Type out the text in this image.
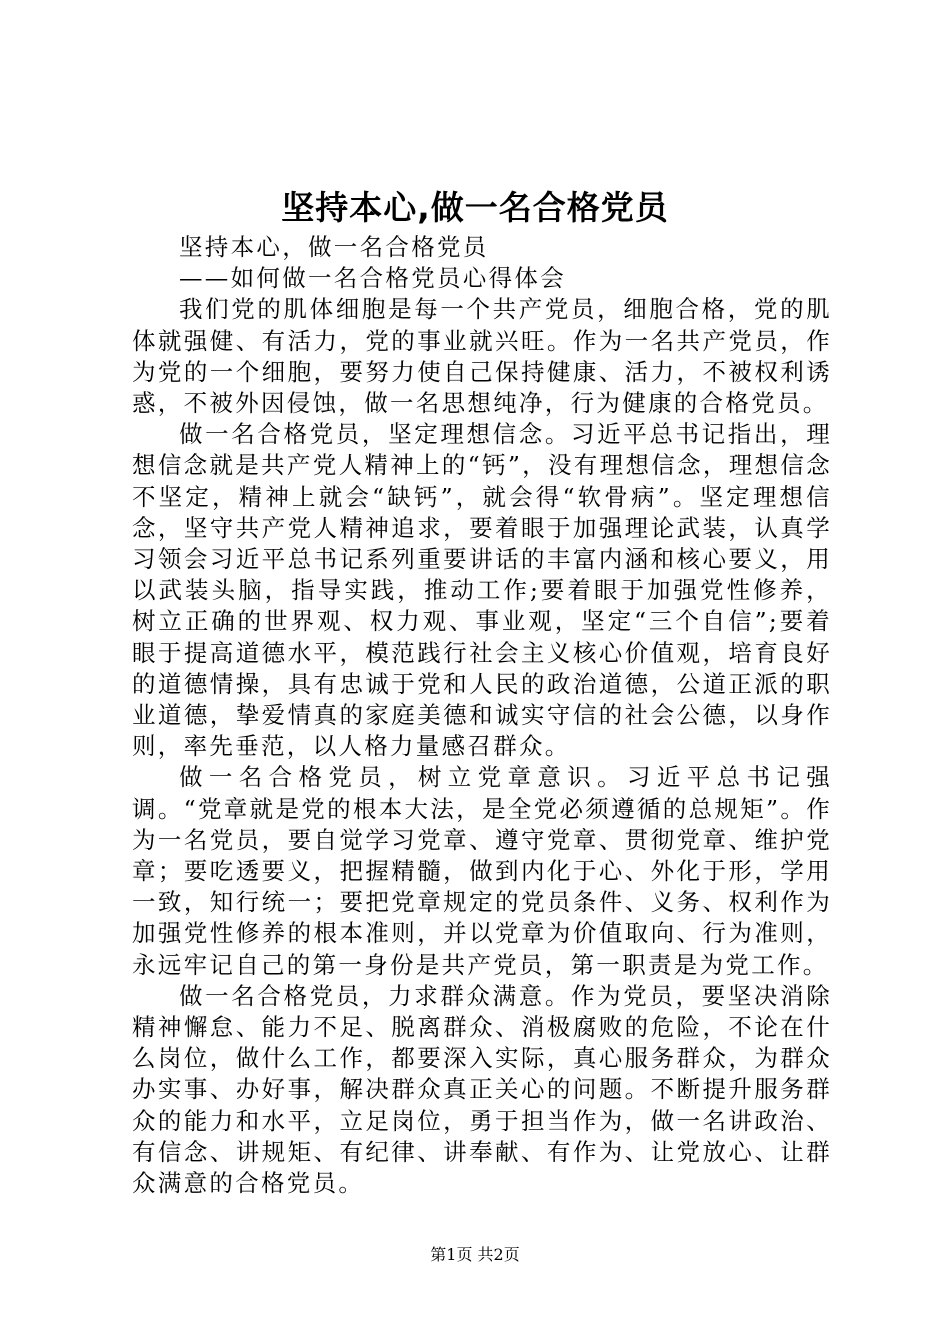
坚持本心,做一名合格党员

坚持本心，做一名合格党员

——如何做一名合格党员心得体会

我们党的肌体细胞是每一个共产党员，细胞合格，党的肌体就强健、有活力，党的事业就兴旺。作为一名共产党员，作为党的一个细胞，要努力使自己保持健康、活力，不被权利诱惑，不被外因侵蚀，做一名思想纯净，行为健康的合格党员。

做一名合格党员，坚定理想信念。习近平总书记指出，理想信念就是共产党人精神上的“钙”，没有理想信念，理想信念不坚定，精神上就会“缺钙”，就会得“软骨病”。坚定理想信念，坚守共产党人精神追求，要着眼于加强理论武装，认真学习领会习近平总书记系列重要讲话的丰富内涵和核心要义，用以武装头脑，指导实践，推动工作;要着眼于加强党性修养，树立正确的世界观、权力观、事业观，坚定“三个自信”;要着眼于提高道德水平，模范践行社会主义核心价值观，培育良好的道德情操，具有忠诚于党和人民的政治道德，公道正派的职业道德，挚爱情真的家庭美德和诚实守信的社会公德，以身作则，率先垂范，以人格力量感召群众。

做一名合格党员，树立党章意识。习近平总书记强调。“党章就是党的根本大法，是全党必须遵循的总规矩”。作为一名党员，要自觉学习党章、遵守党章、贯彻党章、维护党章；要吃透要义，把握精髓，做到内化于心、外化于形，学用一致，知行统一；要把党章规定的党员条件、义务、权利作为加强党性修养的根本准则，并以党章为价值取向、行为准则，永远牢记自己的第一身份是共产党员，第一职责是为党工作。

做一名合格党员，力求群众满意。作为党员，要坚决消除精神懈怠、能力不足、脱离群众、消极腐败的危险，不论在什么岗位，做什么工作，都要深入实际，真心服务群众，为群众办实事、办好事，解决群众真正关心的问题。不断提升服务群众的能力和水平，立足岗位，勇于担当作为，做一名讲政治、有信念、讲规矩、有纪律、讲奉献、有作为、让党放心、让群众满意的合格党员。

第1页 共2页
